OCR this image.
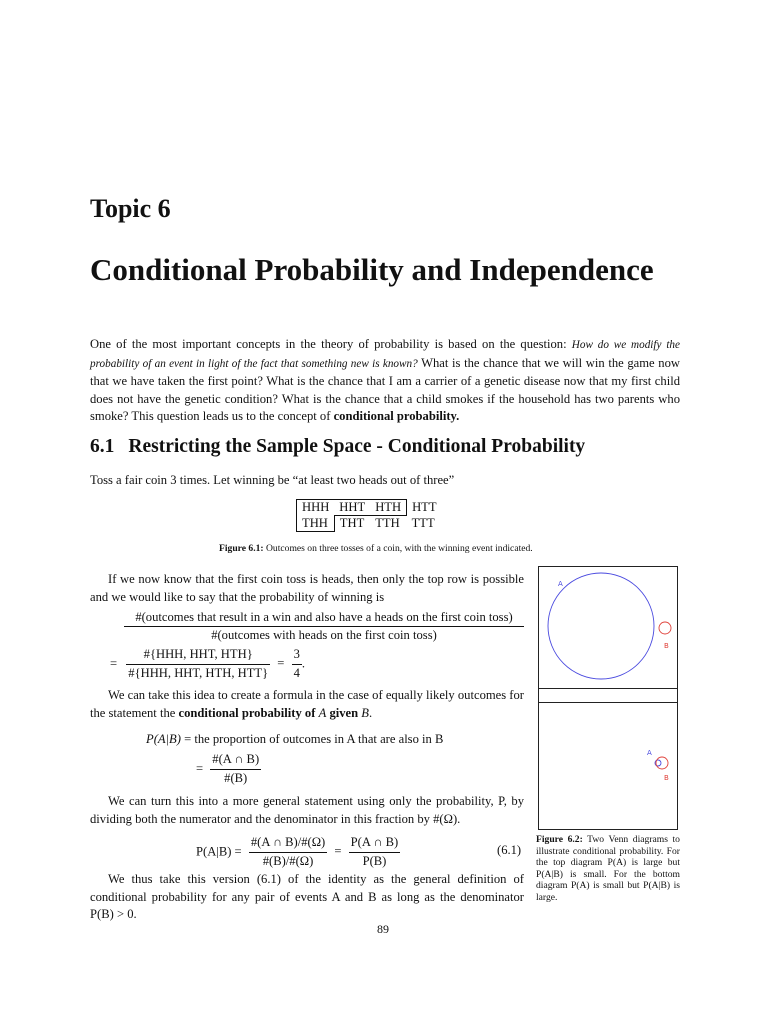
Topic 6
Conditional Probability and Independence
One of the most important concepts in the theory of probability is based on the question: How do we modify the probability of an event in light of the fact that something new is known? What is the chance that we will win the game now that we have taken the first point? What is the chance that I am a carrier of a genetic disease now that my first child does not have the genetic condition? What is the chance that a child smokes if the household has two parents who smoke? This question leads us to the concept of conditional probability.
6.1 Restricting the Sample Space - Conditional Probability
Toss a fair coin 3 times. Let winning be “at least two heads out of three”
HHH	HHT	HTH	HTT
THH	THT	TTH	TTT
Figure 6.1: Outcomes on three tosses of a coin, with the winning event indicated.
If we now know that the first coin toss is heads, then only the top row is possible and we would like to say that the probability of winning is
#(outcomes that result in a win and also have a heads on the first coin toss)
#(outcomes with heads on the first coin toss)
= $\frac{\text{\#\{HHH, HHT, HTH\}}}{\text{\#\{HHH, HHT, HTH, HTT\}}} = \frac{3}{4}$ .
We can take this idea to create a formula in the case of equally likely outcomes for the statement the conditional probability of A given B.
P(A|B) = the proportion of outcomes in A that are also in B
= $\frac{\#(A \cap B)}{\#(B)}$
We can turn this into a more general statement using only the probability, P, by dividing both the numerator and the denominator in this fraction by #(Ω).
$P(A|B) = \frac{\#(A \cap B)/\#(\Omega)}{\#(B)/\#(\Omega)} = \frac{P(A \cap B)}{P(B)}$	(6.1)
We thus take this version (6.1) of the identity as the general definition of conditional probability for any pair of events A and B as long as the denominator P(B) > 0.
A
B
A
B
Figure 6.2: Two Venn diagrams to illustrate conditional probability. For the top diagram P(A) is large but P(A|B) is small. For the bottom diagram P(A) is small but P(A|B) is large.
89
